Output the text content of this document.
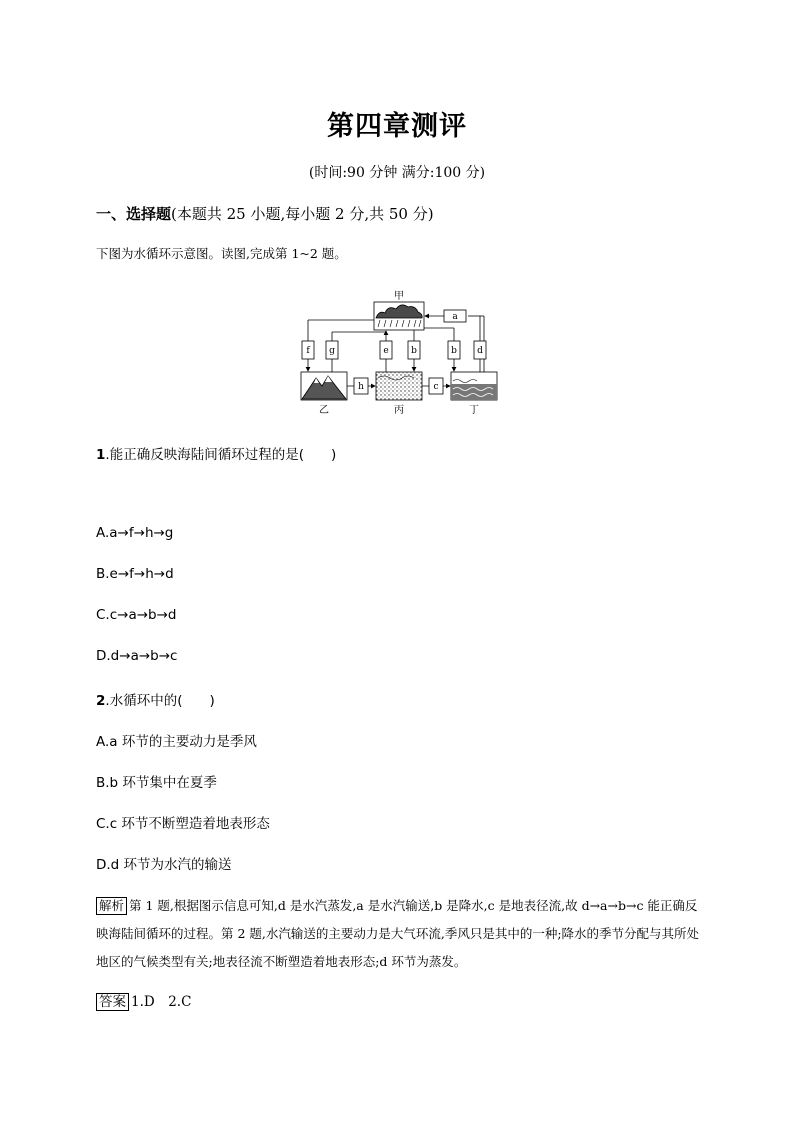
第四章测评
(时间:90 分钟 满分:100 分)
一、选择题(本题共 25 小题,每小题 2 分,共 50 分)
下图为水循环示意图。读图,完成第 1~2 题。
a
f g	e b	b d
h	c
甲
乙	丙	丁
1.能正确反映海陆间循环过程的是(　　)
A.a→f→h→g
B.e→f→h→d
C.c→a→b→d
D.d→a→b→c
2.水循环中的(　　)
A.a 环节的主要动力是季风
B.b 环节集中在夏季
C.c 环节不断塑造着地表形态
D.d 环节为水汽的输送
解析 第 1 题,根据图示信息可知,d 是水汽蒸发,a 是水汽输送,b 是降水,c 是地表径流,故 d→a→b→c 能正确反映海陆间循环的过程。第 2 题,水汽输送的主要动力是大气环流,季风只是其中的一种;降水的季节分配与其所处地区的气候类型有关;地表径流不断塑造着地表形态;d 环节为蒸发。
答案 1.D　2.C
